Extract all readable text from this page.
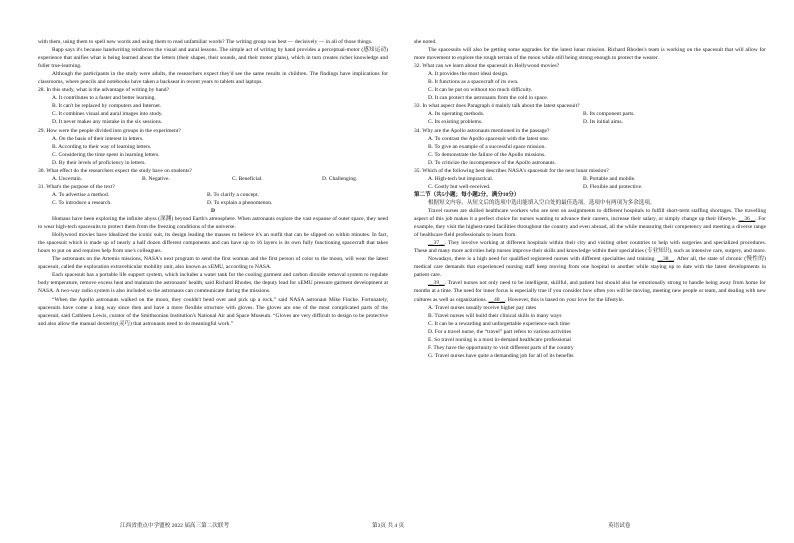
with them, using them to spell new words and using them to read unfamiliar words? The writing group was best — decisively — in all of those things.

Rapp says it's because handwriting reinforces the visual and aural lessons. The simple act of writing by hand provides a perceptual-motor (感知运动) experience that unifies what is being learned about the letters (their shapes, their sounds, and their motor plans), which in turn creates richer knowledge and fuller true-learning.

Although the participants in the study were adults, the researchers expect they'd see the same results in children. The findings have implications for classrooms, where pencils and notebooks have taken a backseat in recent years to tablets and laptops.

28. In this study, what is the advantage of writing by hand?
A. It contributes to a faster and better learning.
B. It can't be replaced by computers and Internet.
C. It combines visual and aural images into study.
D. It never makes any mistake in the six sessions.
29. How were the people divided into groups in the experiment?
A. On the basis of their interest in letters.
B. According to their way of learning letters.
C. Considering the time spent in learning letters.
D. By their levels of proficiency in letters.
30. What effect do the researchers expect the study have on students?
A. Uncertain.	B. Negative.	C. Beneficial.	D. Challenging.
31. What's the purpose of the text?
A. To advertise a method.	B. To clarify a concept.
C. To introduce a research.	D. To explain a phenomenon.
D

Humans have been exploring the infinite abyss (深渊) beyond Earth's atmosphere. When astronauts explore the vast expanse of outer space, they need to wear high-tech spacesuits to protect them from the freezing conditions of the universe.

Hollywood movies have idealized the iconic suit, its design leading the masses to believe it's an outfit that can be slipped on within minutes. In fact, the spacesuit which is made up of nearly a half dozen different components and can have up to 16 layers is its own fully functioning spacecraft that takes hours to put on and requires help from one's colleagues.

The astronauts on the Artemis missions, NASA's next program to send the first woman and the first person of color to the moon, will wear the latest spacesuit, called the exploration extravehicular mobility unit, also known as xEMU, according to NASA.

Each spacesuit has a portable life support system, which includes a water tank for the cooling garment and carbon dioxide removal system to regulate body temperature, remove excess heat and maintain the astronauts' health, said Richard Rhodes, the deputy lead for xEMU pressure garment development at NASA. A two-way radio system is also included so the astronauts can communicate during the missions.

“When the Apollo astronauts walked on the moon, they couldn't bend over and pick up a rock,” said NASA astronaut Mike Fincke. Fortunately, spacesuits have come a long way since then and have a more flexible structure with gloves. The gloves are one of the most complicated parts of the spacesuit, said Cathleen Lewis, curator of the Smithsonian Institution's National Air and Space Museum. “Gloves are very difficult to design to be protective and also allow the manual dexterity(灵巧) that astronauts need to do meaningful work.”

she noted.

The spacesuits will also be getting some upgrades for the latest lunar mission. Richard Rhodes's team is working on the spacesuit that will allow for more movement to explore the rough terrain of the moon while still being strong enough to protect the wearer.

32. What can we learn about the spacesuit in Hollywood movies?
A. It provides the most ideal design.
B. It functions as a spacecraft of its own.
C. It can be put on without too much difficulty.
D. It can protect the astronauts from the cold in space.
33. In what aspect does Paragraph 4 mainly talk about the latest spacesuit?
A. Its operating methods.	B. Its component parts.
C. Its existing problems.	D. Its initial aims.
34. Why are the Apollo astronauts mentioned in the passage?
A. To contrast the Apollo spacesuit with the latest one.
B. To give an example of a successful space mission.
C. To demonstrate the failure of the Apollo missions.
D. To criticize the incompetence of the Apollo astronauts.
35. Which of the following best describes NASA's spacesuit for the next lunar mission?
A. High-tech but impractical.	B. Portable and mobile.
C. Costly but well-received.	D. Flexible and protective.
第二节（共5小题；每小题2分，满分10分）

根据短文内容，从短文后的选项中选出能填入空白处的最佳选项。选项中有两项为多余选项。

Travel nurses are skilled healthcare workers who are sent on assignments to different hospitals to fulfill short-term staffing shortages. The travelling aspect of this job makes it a perfect choice for nurses wanting to advance their careers, increase their salary, or simply change up their lifestyle. __36__. For example, they visit the highest-rated facilities throughout the country and even abroad, all the while measuring their competency and meeting a diverse range of healthcare field professionals to learn from.

__37__. They involve working at different hospitals within their city and visiting other countries to help with surgeries and specialized procedures. These and many more activities help nurses improve their skills and knowledge within their specialities (专业知识), such as intensive care, surgery, and more.

Nowadays, there is a high need for qualified registered nurses with different specialties and training. __38__. After all, the state of chronic (慢性的) medical care demands that experienced nursing staff keep moving from one hospital to another while staying up to date with the latest developments in patient care.

__39__. Travel nurses not only need to be intelligent, skillful, and patient but should also be emotionally strong to handle being away from home for months at a time. The need for inner focus is especially true if you consider how often you will be moving, meeting new people or team, and dealing with new cultures as well as organizations. __40__. However, this is based on your love for the lifestyle.

A. Travel nurses usually receive higher pay rates
B. Travel nurses will build their clinical skills in many ways
C. It can be a rewarding and unforgettable experience each time
D. For a travel nurse, the “travel” part refers to various activities
E. So travel nursing is a most in-demand healthcare professional
F. They have the opportunity to visit different parts of the country
G. Travel nurses have quite a demanding job for all of its benefits
江西省重点中学盟校 2022 届高三第二次联考	第3页 共 4 页	英语试卷
